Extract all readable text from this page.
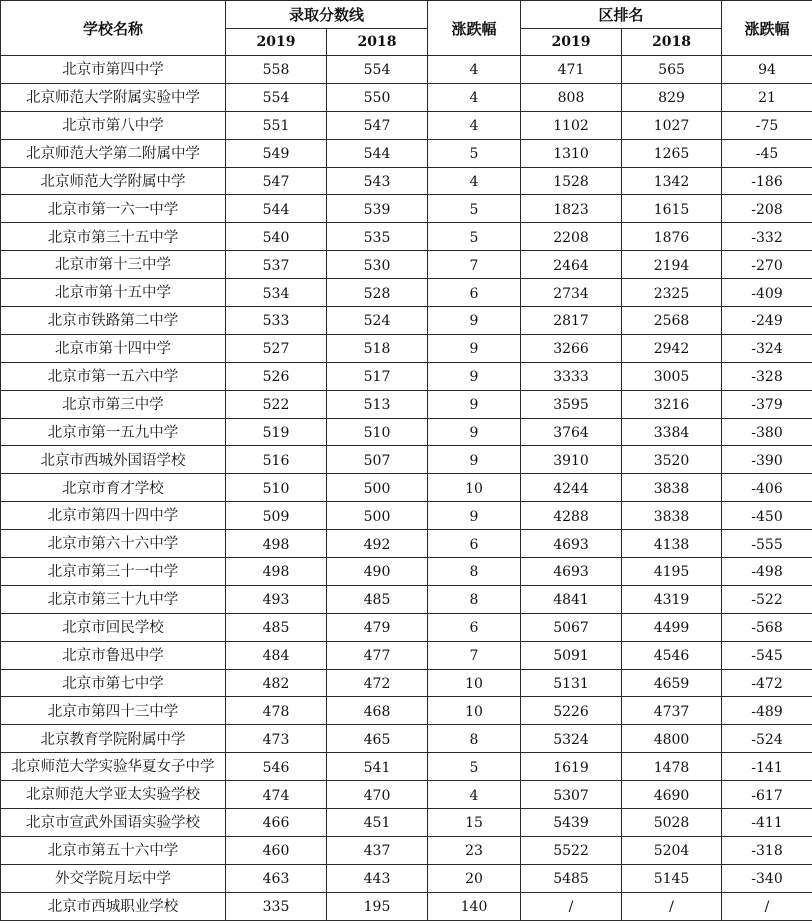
学校名称	录取分数线		涨跌幅	区排名		涨跌幅
	2019	2018		2019	2018	
北京市第四中学	558	554	4	471	565	94
北京师范大学附属实验中学	554	550	4	808	829	21
北京市第八中学	551	547	4	1102	1027	-75
北京师范大学第二附属中学	549	544	5	1310	1265	-45
北京师范大学附属中学	547	543	4	1528	1342	-186
北京市第一六一中学	544	539	5	1823	1615	-208
北京市第三十五中学	540	535	5	2208	1876	-332
北京市第十三中学	537	530	7	2464	2194	-270
北京市第十五中学	534	528	6	2734	2325	-409
北京市铁路第二中学	533	524	9	2817	2568	-249
北京市第十四中学	527	518	9	3266	2942	-324
北京市第一五六中学	526	517	9	3333	3005	-328
北京市第三中学	522	513	9	3595	3216	-379
北京市第一五九中学	519	510	9	3764	3384	-380
北京市西城外国语学校	516	507	9	3910	3520	-390
北京市育才学校	510	500	10	4244	3838	-406
北京市第四十四中学	509	500	9	4288	3838	-450
北京市第六十六中学	498	492	6	4693	4138	-555
北京市第三十一中学	498	490	8	4693	4195	-498
北京市第三十九中学	493	485	8	4841	4319	-522
北京市回民学校	485	479	6	5067	4499	-568
北京市鲁迅中学	484	477	7	5091	4546	-545
北京市第七中学	482	472	10	5131	4659	-472
北京市第四十三中学	478	468	10	5226	4737	-489
北京教育学院附属中学	473	465	8	5324	4800	-524
北京师范大学实验华夏女子中学	546	541	5	1619	1478	-141
北京师范大学亚太实验学校	474	470	4	5307	4690	-617
北京市宣武外国语实验学校	466	451	15	5439	5028	-411
北京市第五十六中学	460	437	23	5522	5204	-318
外交学院月坛中学	463	443	20	5485	5145	-340
北京市西城职业学校	335	195	140	/	/	/
